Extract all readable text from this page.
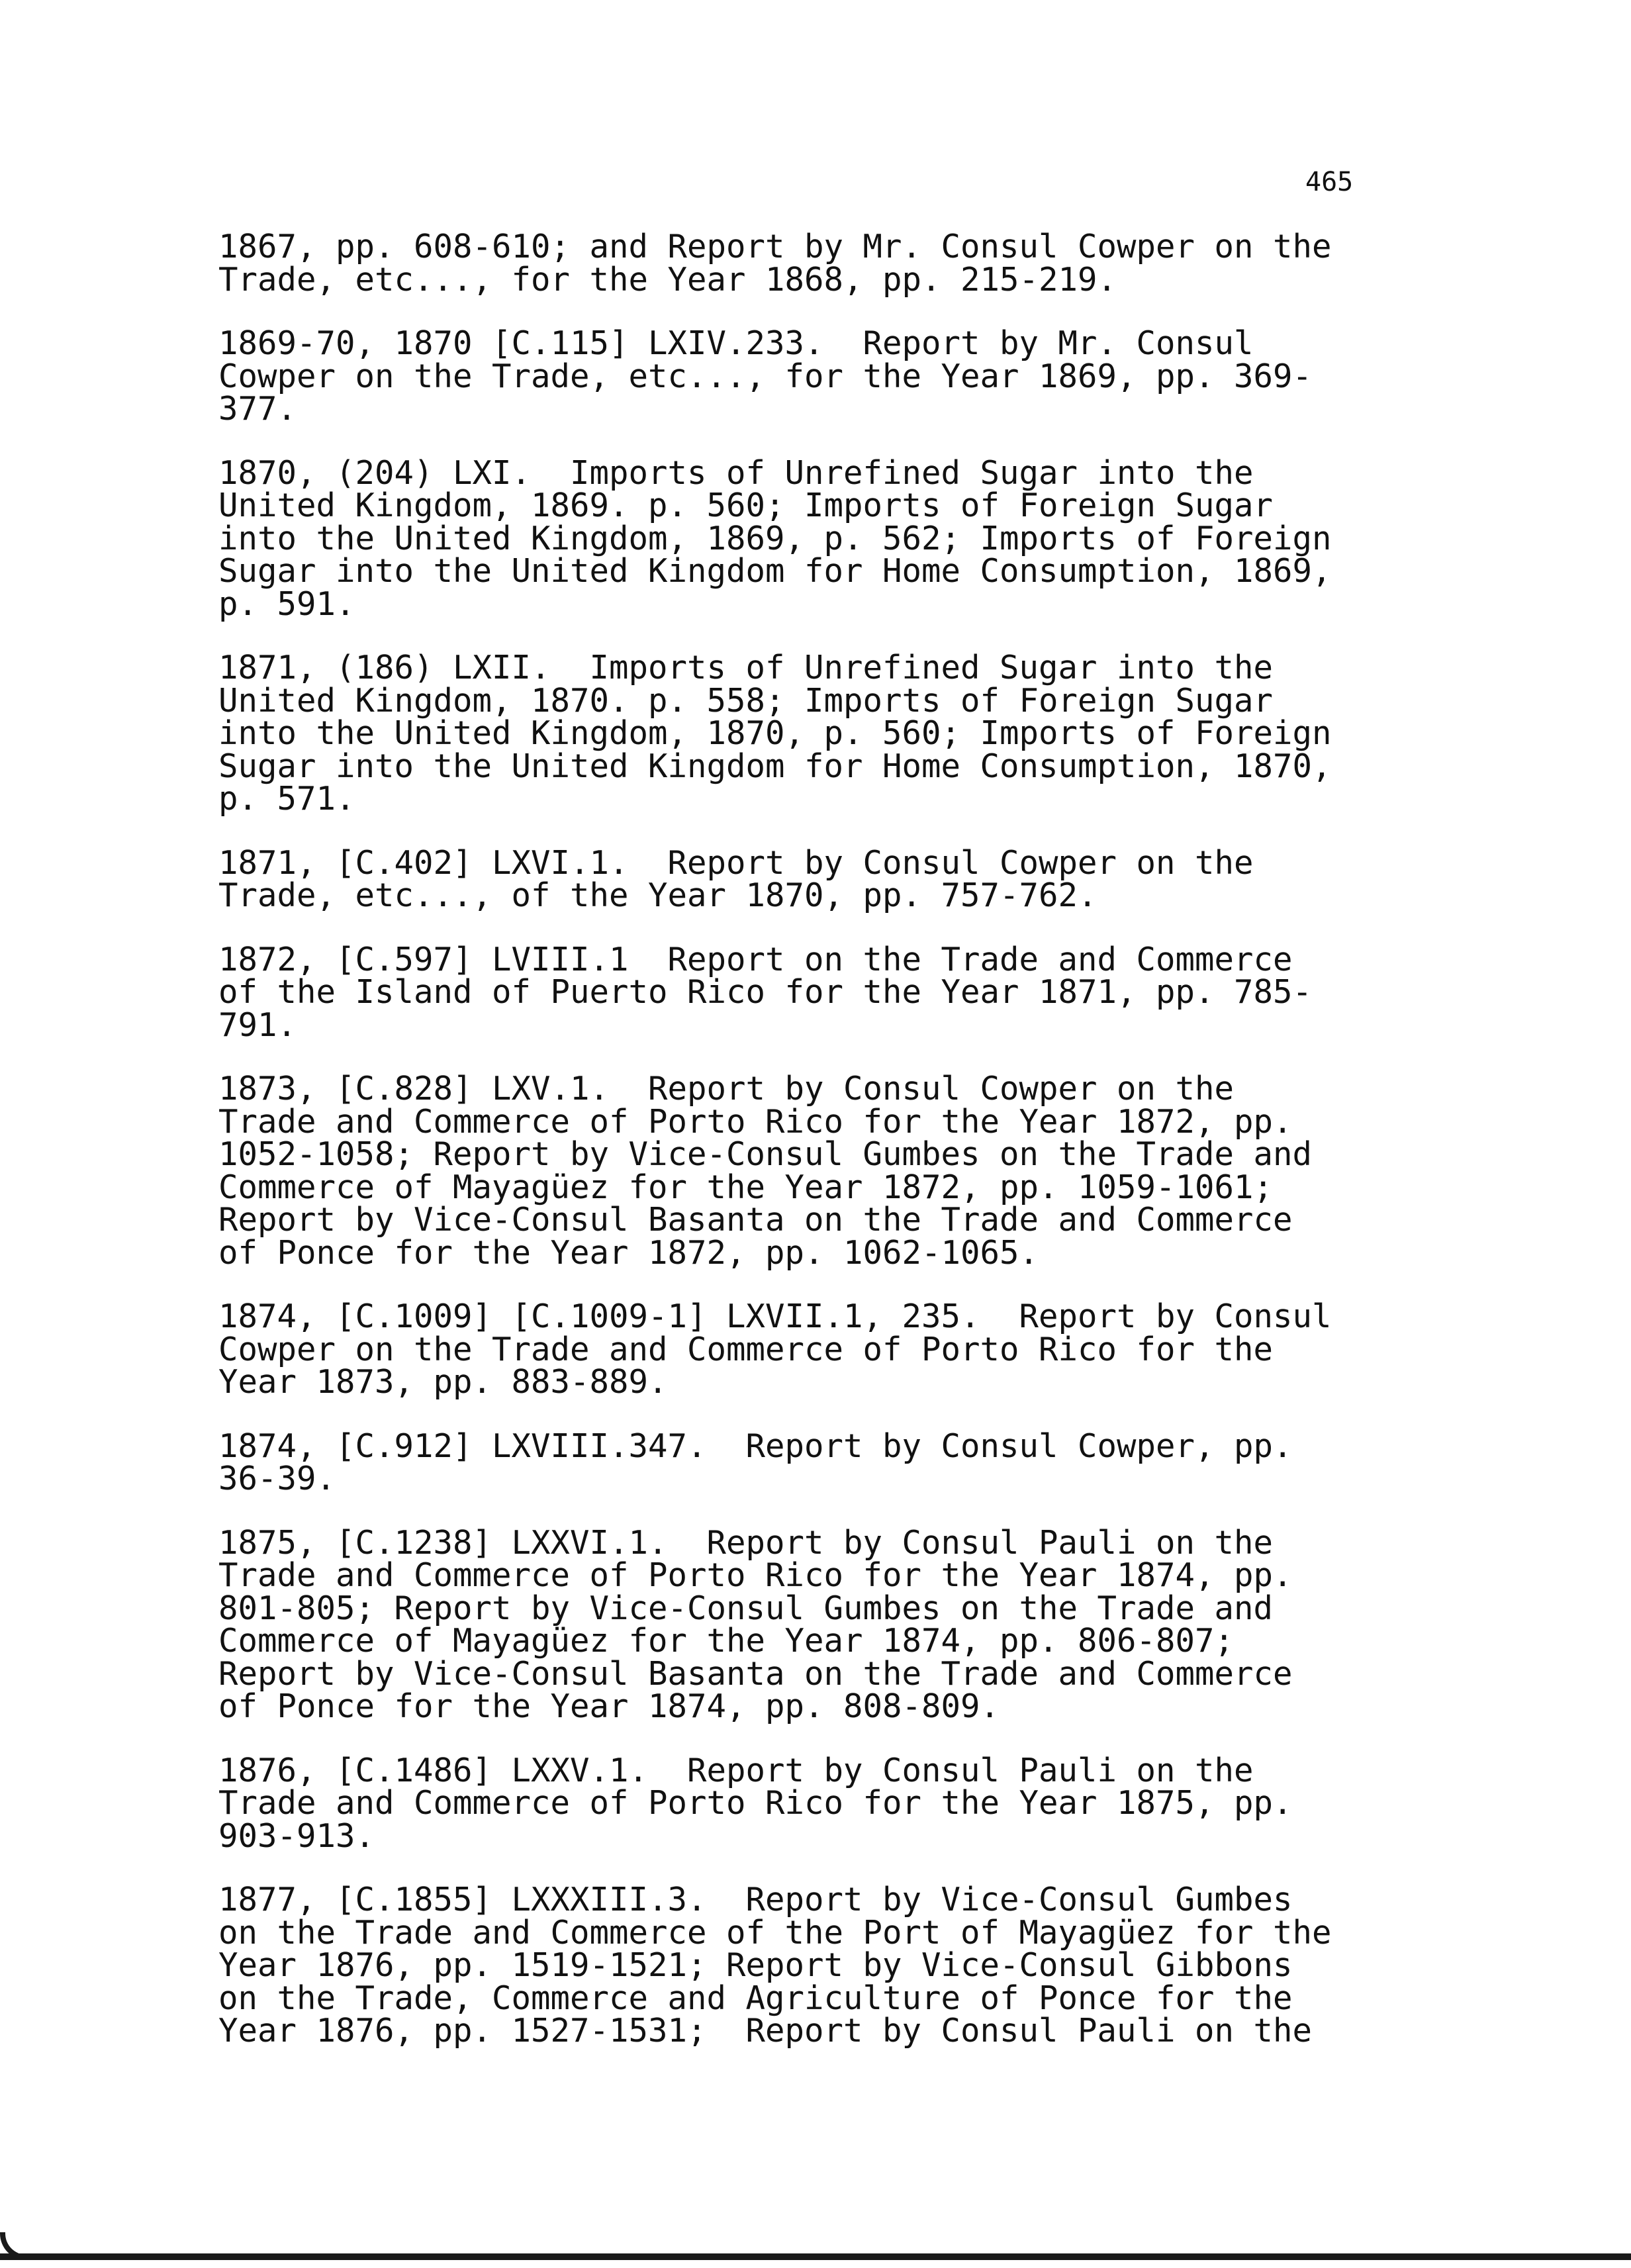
465
1867, pp. 608-610; and Report by Mr. Consul Cowper on the
Trade, etc..., for the Year 1868, pp. 215-219.
1869-70, 1870 [C.115] LXIV.233.  Report by Mr. Consul
Cowper on the Trade, etc..., for the Year 1869, pp. 369-
377.
1870, (204) LXI.  Imports of Unrefined Sugar into the
United Kingdom, 1869. p. 560; Imports of Foreign Sugar
into the United Kingdom, 1869, p. 562; Imports of Foreign
Sugar into the United Kingdom for Home Consumption, 1869,
p. 591.
1871, (186) LXII.  Imports of Unrefined Sugar into the
United Kingdom, 1870. p. 558; Imports of Foreign Sugar
into the United Kingdom, 1870, p. 560; Imports of Foreign
Sugar into the United Kingdom for Home Consumption, 1870,
p. 571.
1871, [C.402] LXVI.1.  Report by Consul Cowper on the
Trade, etc..., of the Year 1870, pp. 757-762.
1872, [C.597] LVIII.1  Report on the Trade and Commerce
of the Island of Puerto Rico for the Year 1871, pp. 785-
791.
1873, [C.828] LXV.1.  Report by Consul Cowper on the
Trade and Commerce of Porto Rico for the Year 1872, pp.
1052-1058; Report by Vice-Consul Gumbes on the Trade and
Commerce of Mayagüez for the Year 1872, pp. 1059-1061;
Report by Vice-Consul Basanta on the Trade and Commerce
of Ponce for the Year 1872, pp. 1062-1065.
1874, [C.1009] [C.1009-1] LXVII.1, 235.  Report by Consul
Cowper on the Trade and Commerce of Porto Rico for the
Year 1873, pp. 883-889.
1874, [C.912] LXVIII.347.  Report by Consul Cowper, pp.
36-39.
1875, [C.1238] LXXVI.1.  Report by Consul Pauli on the
Trade and Commerce of Porto Rico for the Year 1874, pp.
801-805; Report by Vice-Consul Gumbes on the Trade and
Commerce of Mayagüez for the Year 1874, pp. 806-807;
Report by Vice-Consul Basanta on the Trade and Commerce
of Ponce for the Year 1874, pp. 808-809.
1876, [C.1486] LXXV.1.  Report by Consul Pauli on the
Trade and Commerce of Porto Rico for the Year 1875, pp.
903-913.
1877, [C.1855] LXXXIII.3.  Report by Vice-Consul Gumbes
on the Trade and Commerce of the Port of Mayagüez for the
Year 1876, pp. 1519-1521; Report by Vice-Consul Gibbons
on the Trade, Commerce and Agriculture of Ponce for the
Year 1876, pp. 1527-1531;  Report by Consul Pauli on the
